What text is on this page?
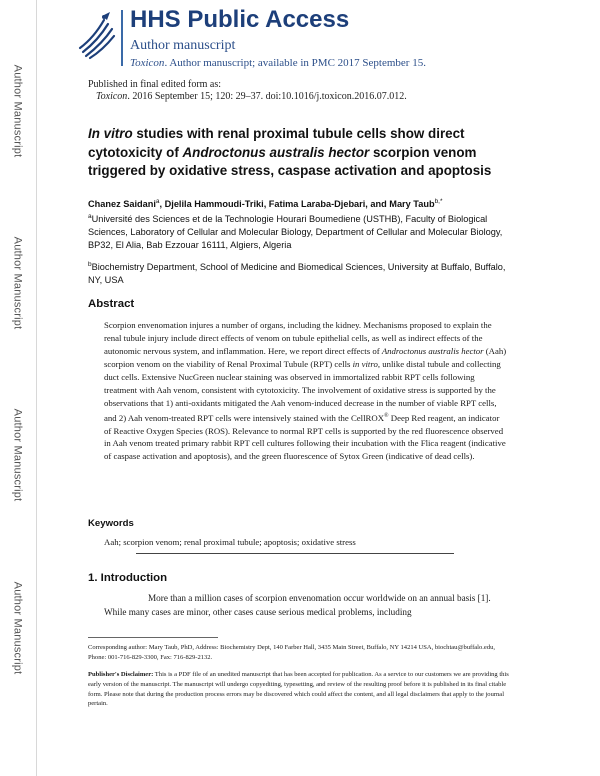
Author Manuscript
Author Manuscript
Author Manuscript
Author Manuscript
HHS Public Access
Author manuscript
Toxicon. Author manuscript; available in PMC 2017 September 15.
Published in final edited form as:
Toxicon. 2016 September 15; 120: 29–37. doi:10.1016/j.toxicon.2016.07.012.
In vitro studies with renal proximal tubule cells show direct cytotoxicity of Androctonus australis hector scorpion venom triggered by oxidative stress, caspase activation and apoptosis
Chanez Saidani$^a$, Djelila Hammoudi-Triki, Fatima Laraba-Djebari, and Mary Taub$^{b,*}$
$^a$Université des Sciences et de la Technologie Hourari Boumediene (USTHB), Faculty of Biological Sciences, Laboratory of Cellular and Molecular Biology, Department of Cellular and Molecular Biology, BP32, El Alia, Bab Ezzouar 16111, Algiers, Algeria
$^b$Biochemistry Department, School of Medicine and Biomedical Sciences, University at Buffalo, Buffalo, NY, USA
Abstract
Scorpion envenomation injures a number of organs, including the kidney. Mechanisms proposed to explain the renal tubule injury include direct effects of venom on tubule epithelial cells, as well as indirect effects of the autonomic nervous system, and inflammation. Here, we report direct effects of Androctonus australis hector (Aah) scorpion venom on the viability of Renal Proximal Tubule (RPT) cells in vitro, unlike distal tubule and collecting duct cells. Extensive NucGreen nuclear staining was observed in immortalized rabbit RPT cells following treatment with Aah venom, consistent with cytotoxicity. The involvement of oxidative stress is supported by the observations that 1) anti-oxidants mitigated the Aah venom-induced decrease in the number of viable RPT cells, and 2) Aah venom-treated RPT cells were intensively stained with the CellROX® Deep Red reagent, an indicator of Reactive Oxygen Species (ROS). Relevance to normal RPT cells is supported by the red fluorescence observed in Aah venom treated primary rabbit RPT cell cultures following their incubation with the Flica reagent (indicative of caspase activation and apoptosis), and the green fluorescence of Sytox Green (indicative of dead cells).
Keywords
Aah; scorpion venom; renal proximal tubule; apoptosis; oxidative stress
1. Introduction
More than a million cases of scorpion envenomation occur worldwide on an annual basis [1]. While many cases are minor, other cases cause serious medical problems, including
Corresponding author: Mary Taub, PhD, Address: Biochemistry Dept, 140 Farber Hall, 3435 Main Street, Buffalo, NY 14214 USA, biochtau@buffalo.edu, Phone: 001-716-829-3300, Fax: 716-829-2132.
Publisher's Disclaimer: This is a PDF file of an unedited manuscript that has been accepted for publication. As a service to our customers we are providing this early version of the manuscript. The manuscript will undergo copyediting, typesetting, and review of the resulting proof before it is published in its final citable form. Please note that during the production process errors may be discovered which could affect the content, and all legal disclaimers that apply to the journal pertain.
